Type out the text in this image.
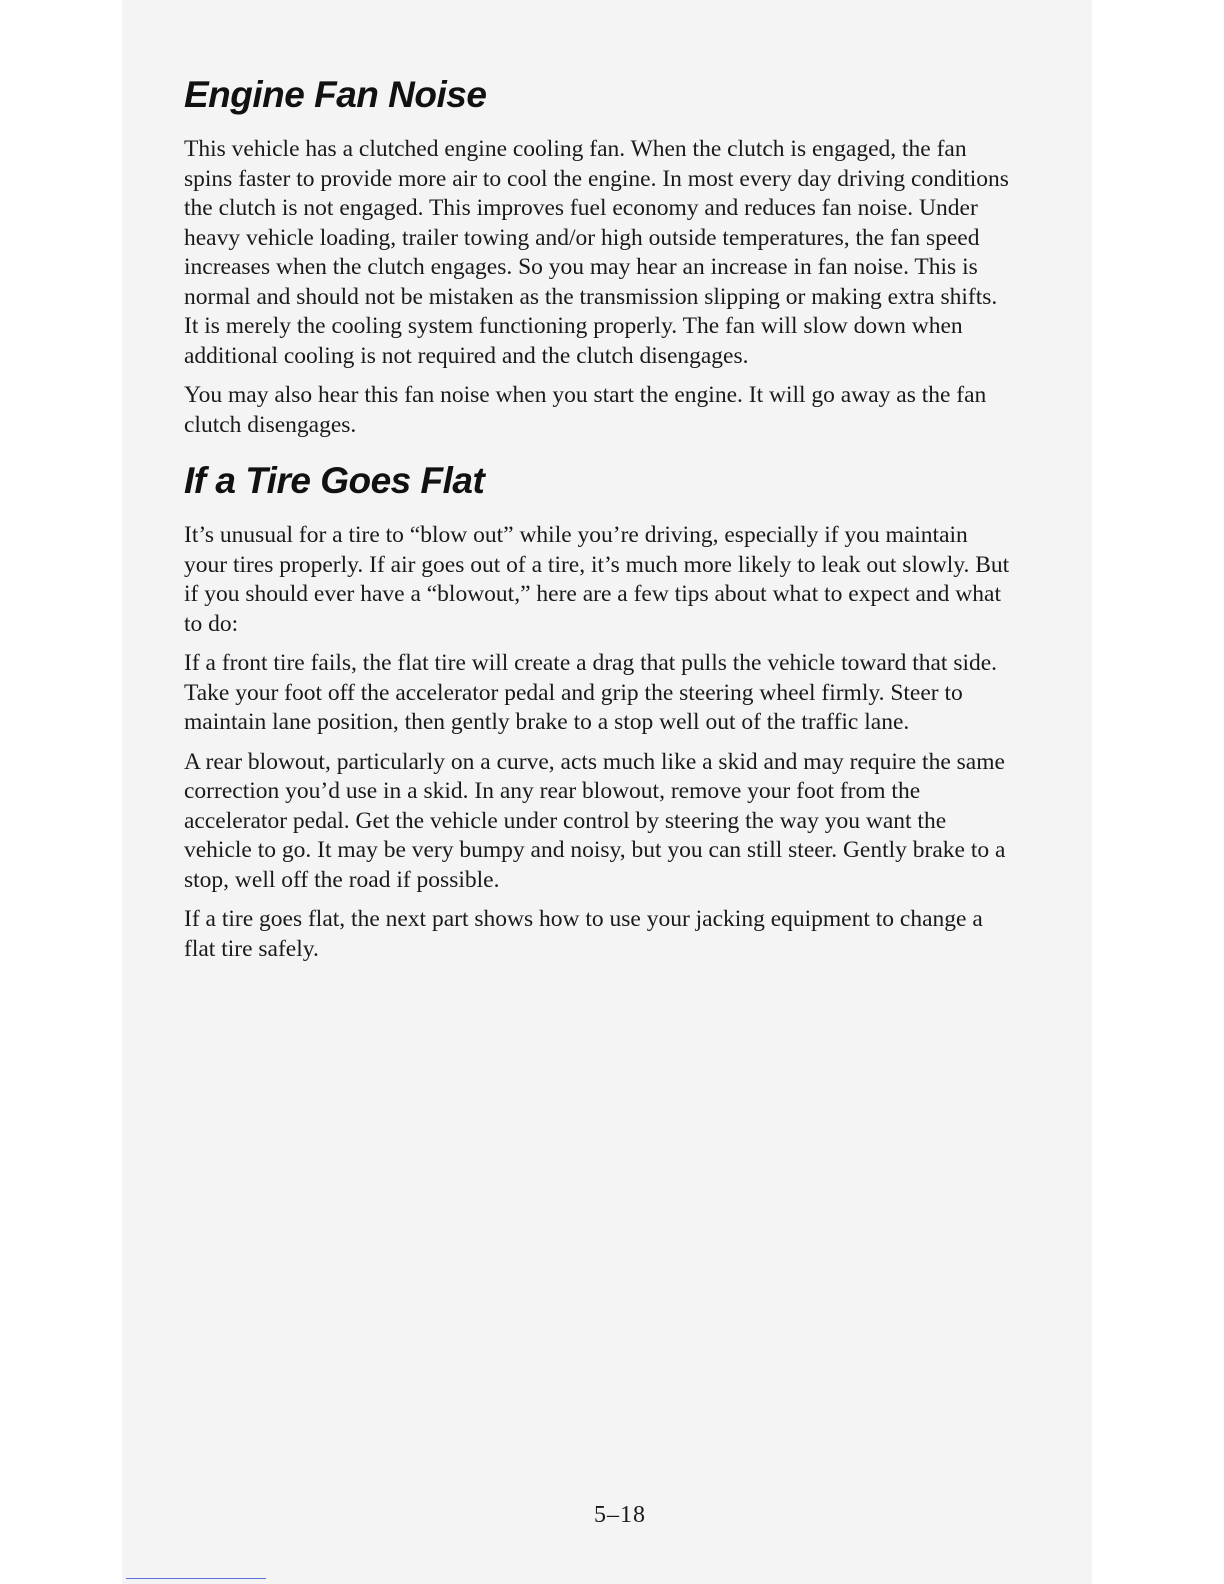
Engine Fan Noise

This vehicle has a clutched engine cooling fan. When the clutch is engaged, the fan spins faster to provide more air to cool the engine. In most every day driving conditions the clutch is not engaged. This improves fuel economy and reduces fan noise. Under heavy vehicle loading, trailer towing and/or high outside temperatures, the fan speed increases when the clutch engages. So you may hear an increase in fan noise. This is normal and should not be mistaken as the transmission slipping or making extra shifts. It is merely the cooling system functioning properly. The fan will slow down when additional cooling is not required and the clutch disengages.

You may also hear this fan noise when you start the engine. It will go away as the fan clutch disengages.

If a Tire Goes Flat

It’s unusual for a tire to “blow out” while you’re driving, especially if you maintain your tires properly. If air goes out of a tire, it’s much more likely to leak out slowly. But if you should ever have a “blowout,” here are a few tips about what to expect and what to do:

If a front tire fails, the flat tire will create a drag that pulls the vehicle toward that side. Take your foot off the accelerator pedal and grip the steering wheel firmly. Steer to maintain lane position, then gently brake to a stop well out of the traffic lane.

A rear blowout, particularly on a curve, acts much like a skid and may require the same correction you’d use in a skid. In any rear blowout, remove your foot from the accelerator pedal. Get the vehicle under control by steering the way you want the vehicle to go. It may be very bumpy and noisy, but you can still steer. Gently brake to a stop, well off the road if possible.

If a tire goes flat, the next part shows how to use your jacking equipment to change a flat tire safely.

5–18
